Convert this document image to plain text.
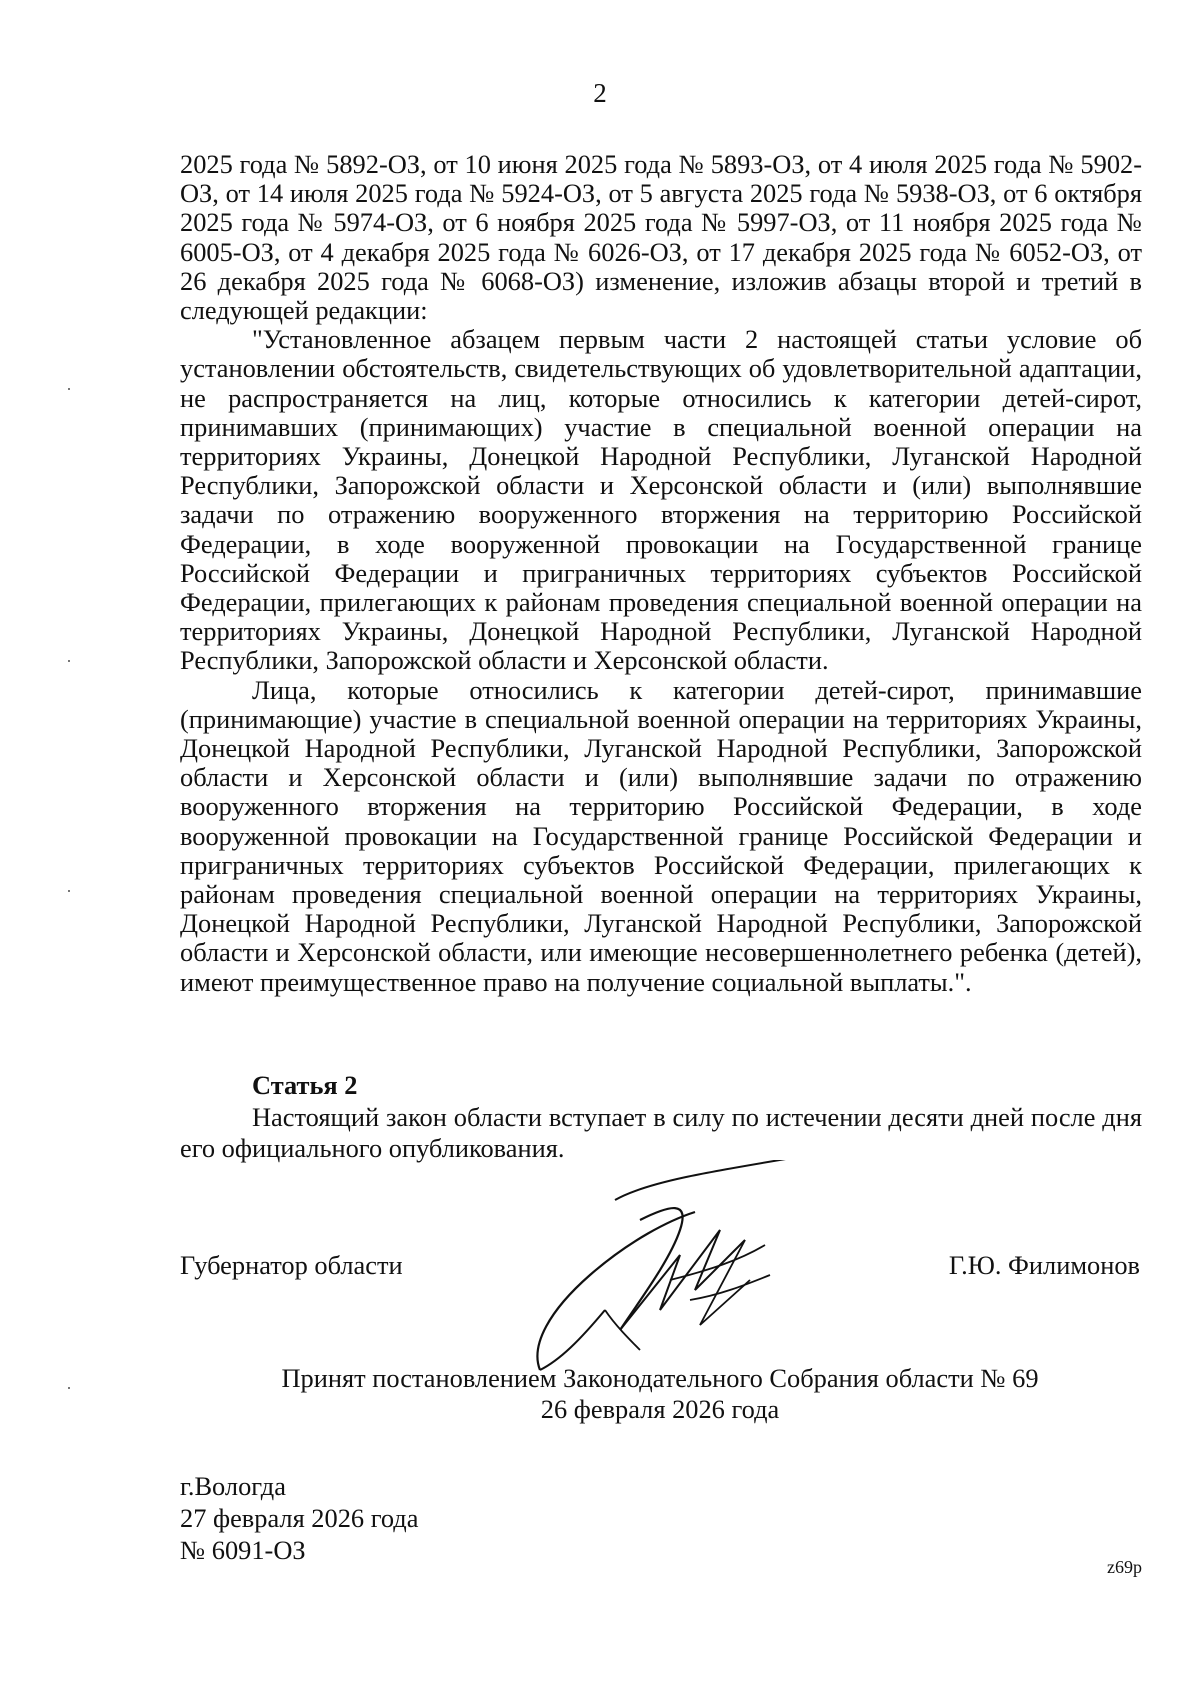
2

2025 года № 5892-ОЗ, от 10 июня 2025 года № 5893-ОЗ, от 4 июля 2025 года № 5902-ОЗ, от 14 июля 2025 года № 5924-ОЗ, от 5 августа 2025 года № 5938-ОЗ, от 6 октября 2025 года № 5974-ОЗ, от 6 ноября 2025 года № 5997-ОЗ, от 11 ноября 2025 года № 6005-ОЗ, от 4 декабря 2025 года № 6026-ОЗ, от 17 декабря 2025 года № 6052-ОЗ, от 26 декабря 2025 года № 6068-ОЗ) изменение, изложив абзацы второй и третий в следующей редакции:

"Установленное абзацем первым части 2 настоящей статьи условие об установлении обстоятельств, свидетельствующих об удовлетворительной адаптации, не распространяется на лиц, которые относились к категории детей-сирот, принимавших (принимающих) участие в специальной военной операции на территориях Украины, Донецкой Народной Республики, Луганской Народной Республики, Запорожской области и Херсонской области и (или) выполнявшие задачи по отражению вооруженного вторжения на территорию Российской Федерации, в ходе вооруженной провокации на Государственной границе Российской Федерации и приграничных территориях субъектов Российской Федерации, прилегающих к районам проведения специальной военной операции на территориях Украины, Донецкой Народной Республики, Луганской Народной Республики, Запорожской области и Херсонской области.

Лица, которые относились к категории детей-сирот, принимавшие (принимающие) участие в специальной военной операции на территориях Украины, Донецкой Народной Республики, Луганской Народной Республики, Запорожской области и Херсонской области и (или) выполнявшие задачи по отражению вооруженного вторжения на территорию Российской Федерации, в ходе вооруженной провокации на Государственной границе Российской Федерации и приграничных территориях субъектов Российской Федерации, прилегающих к районам проведения специальной военной операции на территориях Украины, Донецкой Народной Республики, Луганской Народной Республики, Запорожской области и Херсонской области, или имеющие несовершеннолетнего ребенка (детей), имеют преимущественное право на получение социальной выплаты.".

Статья 2
Настоящий закон области вступает в силу по истечении десяти дней после дня его официального опубликования.
Губернатор области	Г.Ю. Филимонов
Принят постановлением Законодательного Собрания области № 69
26 февраля 2026 года
г.Вологда
27 февраля 2026 года
№ 6091-ОЗ
z69p
